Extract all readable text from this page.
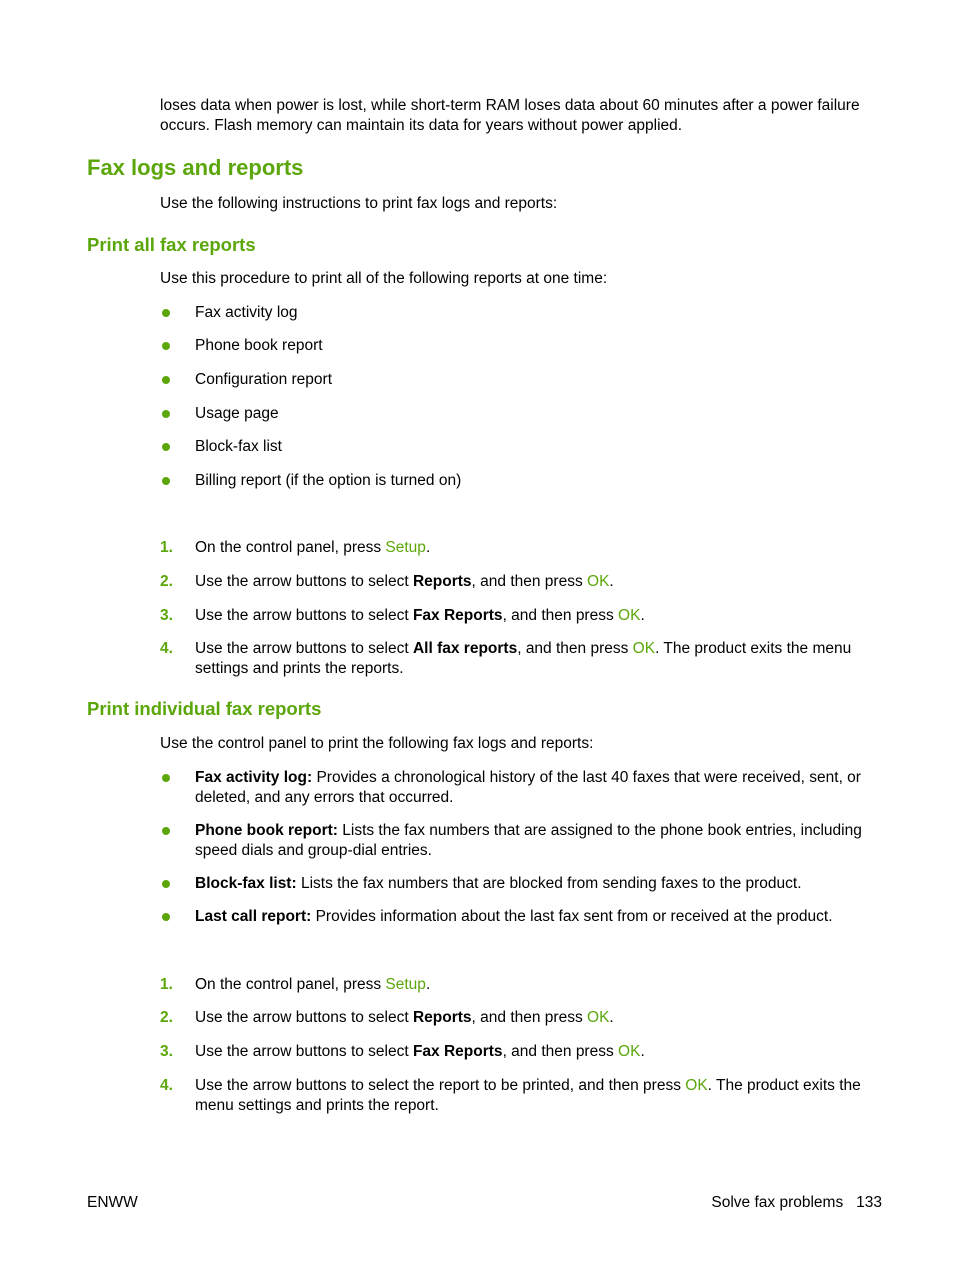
loses data when power is lost, while short-term RAM loses data about 60 minutes after a power failure occurs. Flash memory can maintain its data for years without power applied.
Fax logs and reports
Use the following instructions to print fax logs and reports:
Print all fax reports
Use this procedure to print all of the following reports at one time:
Fax activity log
Phone book report
Configuration report
Usage page
Block-fax list
Billing report (if the option is turned on)
1. On the control panel, press Setup.
2. Use the arrow buttons to select Reports, and then press OK.
3. Use the arrow buttons to select Fax Reports, and then press OK.
4. Use the arrow buttons to select All fax reports, and then press OK. The product exits the menu settings and prints the reports.
Print individual fax reports
Use the control panel to print the following fax logs and reports:
Fax activity log: Provides a chronological history of the last 40 faxes that were received, sent, or deleted, and any errors that occurred.
Phone book report: Lists the fax numbers that are assigned to the phone book entries, including speed dials and group-dial entries.
Block-fax list: Lists the fax numbers that are blocked from sending faxes to the product.
Last call report: Provides information about the last fax sent from or received at the product.
1. On the control panel, press Setup.
2. Use the arrow buttons to select Reports, and then press OK.
3. Use the arrow buttons to select Fax Reports, and then press OK.
4. Use the arrow buttons to select the report to be printed, and then press OK. The product exits the menu settings and prints the report.
ENWW	Solve fax problems 133
